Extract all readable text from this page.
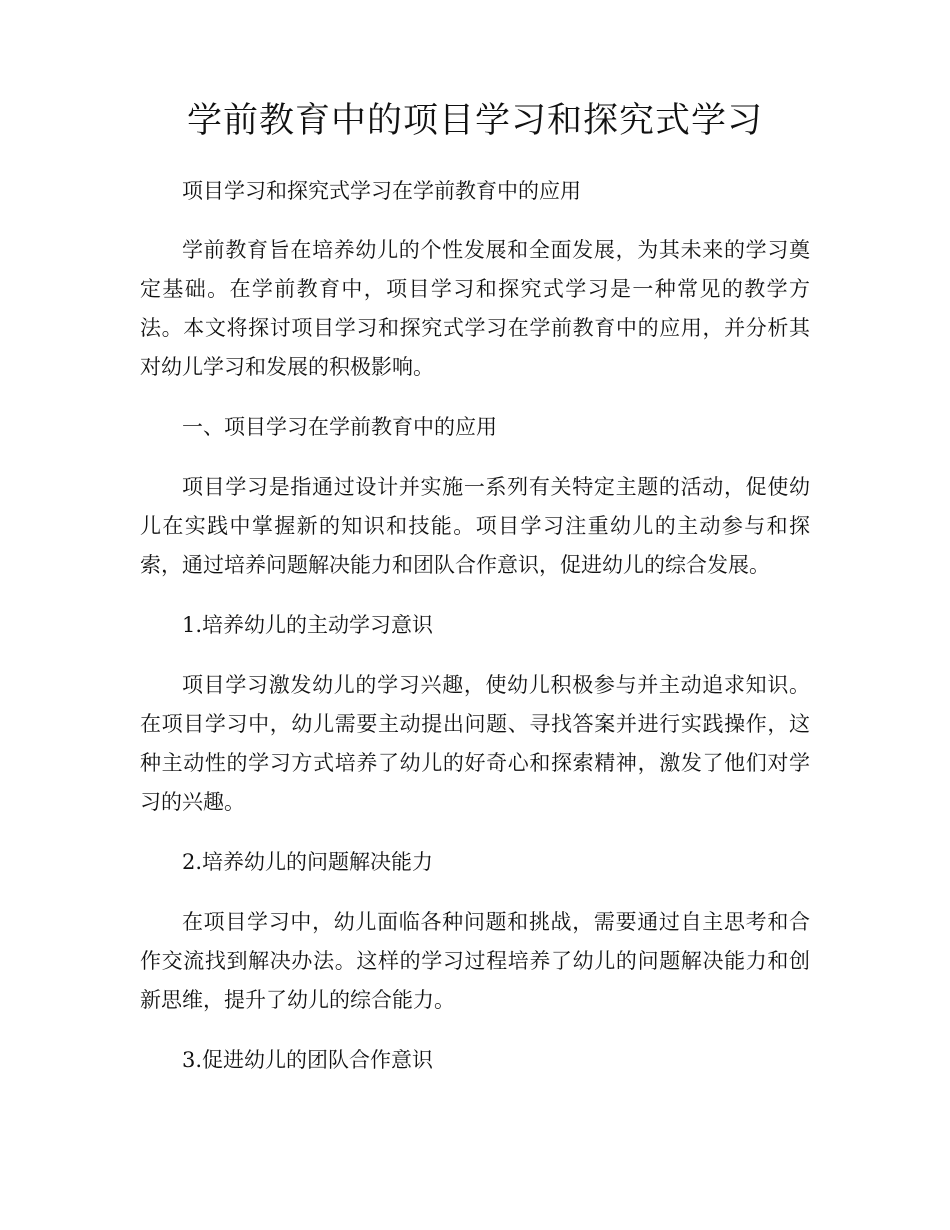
学前教育中的项目学习和探究式学习

项目学习和探究式学习在学前教育中的应用

学前教育旨在培养幼儿的个性发展和全面发展，为其未来的学习奠定基础。在学前教育中，项目学习和探究式学习是一种常见的教学方法。本文将探讨项目学习和探究式学习在学前教育中的应用，并分析其对幼儿学习和发展的积极影响。

一、项目学习在学前教育中的应用

项目学习是指通过设计并实施一系列有关特定主题的活动，促使幼儿在实践中掌握新的知识和技能。项目学习注重幼儿的主动参与和探索，通过培养问题解决能力和团队合作意识，促进幼儿的综合发展。

1.培养幼儿的主动学习意识

项目学习激发幼儿的学习兴趣，使幼儿积极参与并主动追求知识。在项目学习中，幼儿需要主动提出问题、寻找答案并进行实践操作，这种主动性的学习方式培养了幼儿的好奇心和探索精神，激发了他们对学习的兴趣。

2.培养幼儿的问题解决能力

在项目学习中，幼儿面临各种问题和挑战，需要通过自主思考和合作交流找到解决办法。这样的学习过程培养了幼儿的问题解决能力和创新思维，提升了幼儿的综合能力。

3.促进幼儿的团队合作意识
